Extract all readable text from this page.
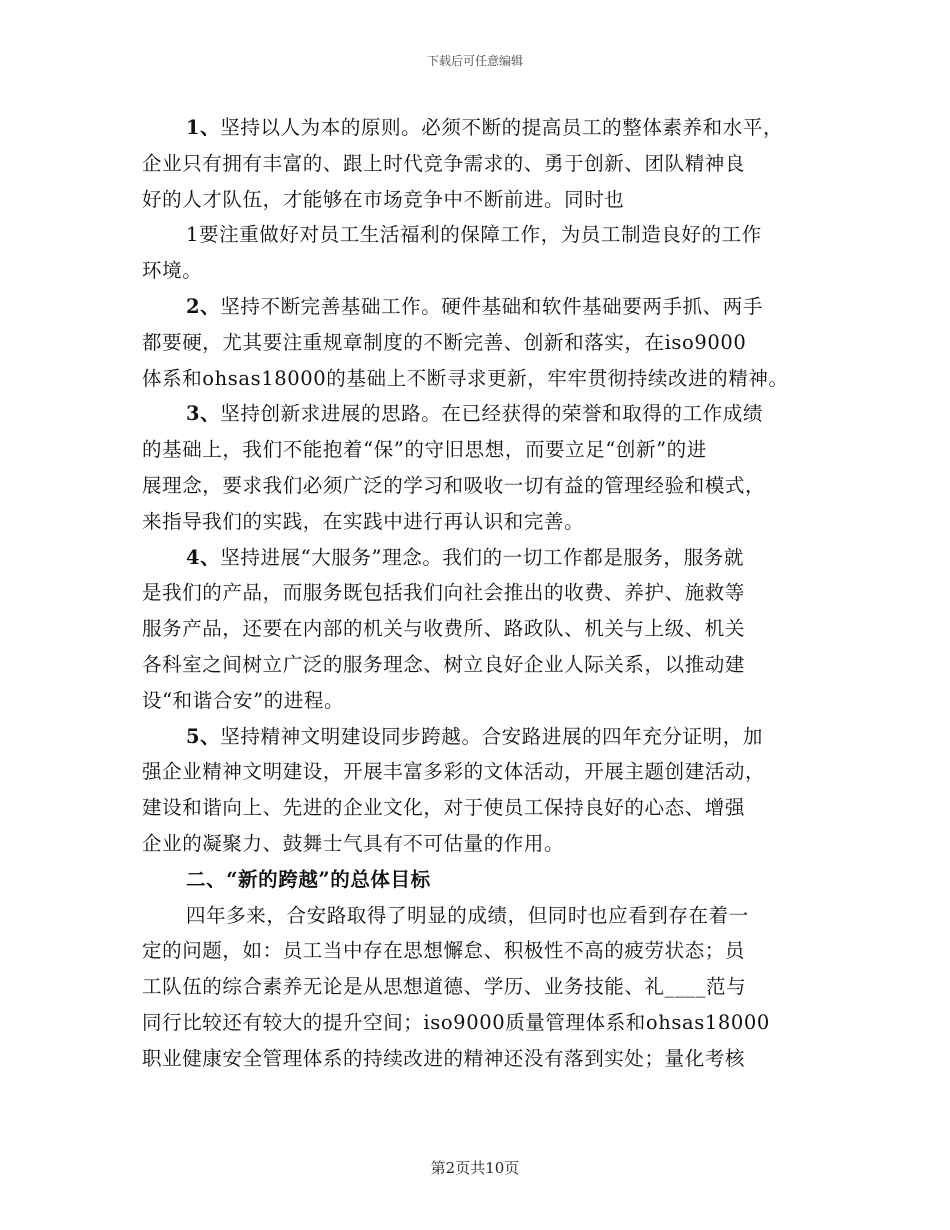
下载后可任意编辑
1、坚持以人为本的原则。必须不断的提高员工的整体素养和水平，
企业只有拥有丰富的、跟上时代竞争需求的、勇于创新、团队精神良
好的人才队伍，才能够在市场竞争中不断前进。同时也
1要注重做好对员工生活福利的保障工作，为员工制造良好的工作
环境。
2、坚持不断完善基础工作。硬件基础和软件基础要两手抓、两手
都要硬，尤其要注重规章制度的不断完善、创新和落实，在iso9000
体系和ohsas18000的基础上不断寻求更新，牢牢贯彻持续改进的精神。
3、坚持创新求进展的思路。在已经获得的荣誉和取得的工作成绩
的基础上，我们不能抱着“保”的守旧思想，而要立足“创新”的进
展理念，要求我们必须广泛的学习和吸收一切有益的管理经验和模式，
来指导我们的实践，在实践中进行再认识和完善。
4、坚持进展“大服务”理念。我们的一切工作都是服务，服务就
是我们的产品，而服务既包括我们向社会推出的收费、养护、施救等
服务产品，还要在内部的机关与收费所、路政队、机关与上级、机关
各科室之间树立广泛的服务理念、树立良好企业人际关系，以推动建
设“和谐合安”的进程。
5、坚持精神文明建设同步跨越。合安路进展的四年充分证明，加
强企业精神文明建设，开展丰富多彩的文体活动，开展主题创建活动，
建设和谐向上、先进的企业文化，对于使员工保持良好的心态、增强
企业的凝聚力、鼓舞士气具有不可估量的作用。
二、“新的跨越”的总体目标
四年多来，合安路取得了明显的成绩，但同时也应看到存在着一
定的问题，如：员工当中存在思想懈怠、积极性不高的疲劳状态；员
工队伍的综合素养无论是从思想道德、学历、业务技能、礼____范与
同行比较还有较大的提升空间；iso9000质量管理体系和ohsas18000
职业健康安全管理体系的持续改进的精神还没有落到实处；量化考核
第2页共10页
